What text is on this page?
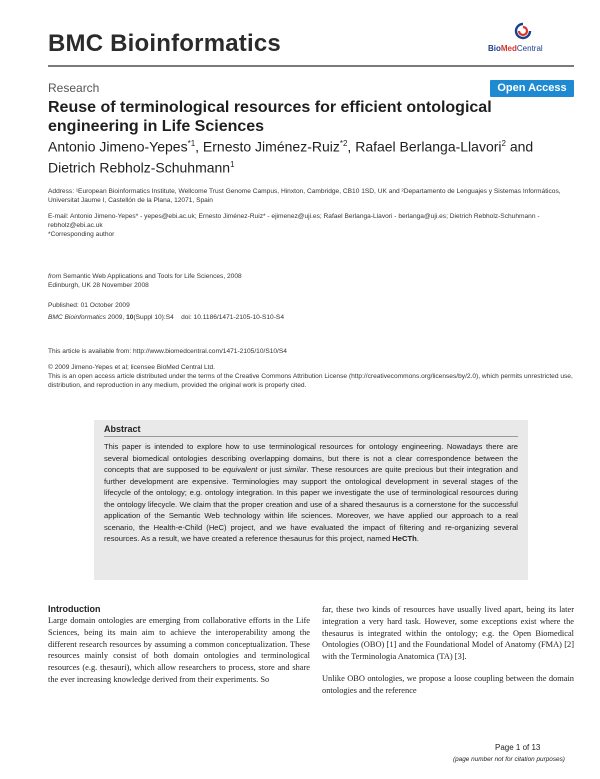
BMC Bioinformatics	BioMedCentral
Research	Open Access
Reuse of terminological resources for efficient ontological engineering in Life Sciences
Antonio Jimeno-Yepes$^{*1}$, Ernesto Jiménez-Ruiz$^{*2}$, Rafael Berlanga-Llavori$^2$ and Dietrich Rebholz-Schuhmann$^1$
Address: ¹European Bioinformatics Institute, Wellcome Trust Genome Campus, Hinxton, Cambridge, CB10 1SD, UK and ²Departamento de Lenguajes y Sistemas Informáticos, Universitat Jaume I, Castellón de la Plana, 12071, Spain
E-mail: Antonio Jimeno-Yepes* - yepes@ebi.ac.uk; Ernesto Jiménez-Ruiz* - ejimenez@uji.es; Rafael Berlanga-Llavori - berlanga@uji.es; Dietrich Rebholz-Schuhmann - rebholz@ebi.ac.uk
*Corresponding author
from Semantic Web Applications and Tools for Life Sciences, 2008
Edinburgh, UK 28 November 2008
Published: 01 October 2009
BMC Bioinformatics 2009, 10(Suppl 10):S4 doi: 10.1186/1471-2105-10-S10-S4
This article is available from: http://www.biomedcentral.com/1471-2105/10/S10/S4
© 2009 Jimeno-Yepes et al; licensee BioMed Central Ltd.
This is an open access article distributed under the terms of the Creative Commons Attribution License (http://creativecommons.org/licenses/by/2.0), which permits unrestricted use, distribution, and reproduction in any medium, provided the original work is properly cited.
Abstract
This paper is intended to explore how to use terminological resources for ontology engineering. Nowadays there are several biomedical ontologies describing overlapping domains, but there is not a clear correspondence between the concepts that are supposed to be equivalent or just similar. These resources are quite precious but their integration and further development are expensive. Terminologies may support the ontological development in several stages of the lifecycle of the ontology; e.g. ontology integration. In this paper we investigate the use of terminological resources during the ontology lifecycle. We claim that the proper creation and use of a shared thesaurus is a cornerstone for the successful application of the Semantic Web technology within life sciences. Moreover, we have applied our approach to a real scenario, the Health-e-Child (HeC) project, and we have evaluated the impact of filtering and re-organizing several resources. As a result, we have created a reference thesaurus for this project, named HeCTh.
Introduction
Large domain ontologies are emerging from collaborative efforts in the Life Sciences, being its main aim to achieve the interoperability among the different research resources by assuming a common conceptualization. These resources mainly consist of both domain ontologies and terminological resources (e.g. thesauri), which allow researchers to process, store and share the ever increasing knowledge derived from their experiments. So

far, these two kinds of resources have usually lived apart, being its later integration a very hard task. However, some exceptions exist where the thesaurus is integrated within the ontology; e.g. the Open Biomedical Ontologies (OBO) [1] and the Foundational Model of Anatomy (FMA) [2] with the Terminologia Anatomica (TA) [3].

Unlike OBO ontologies, we propose a loose coupling between the domain ontologies and the reference

Page 1 of 13
(page number not for citation purposes)
